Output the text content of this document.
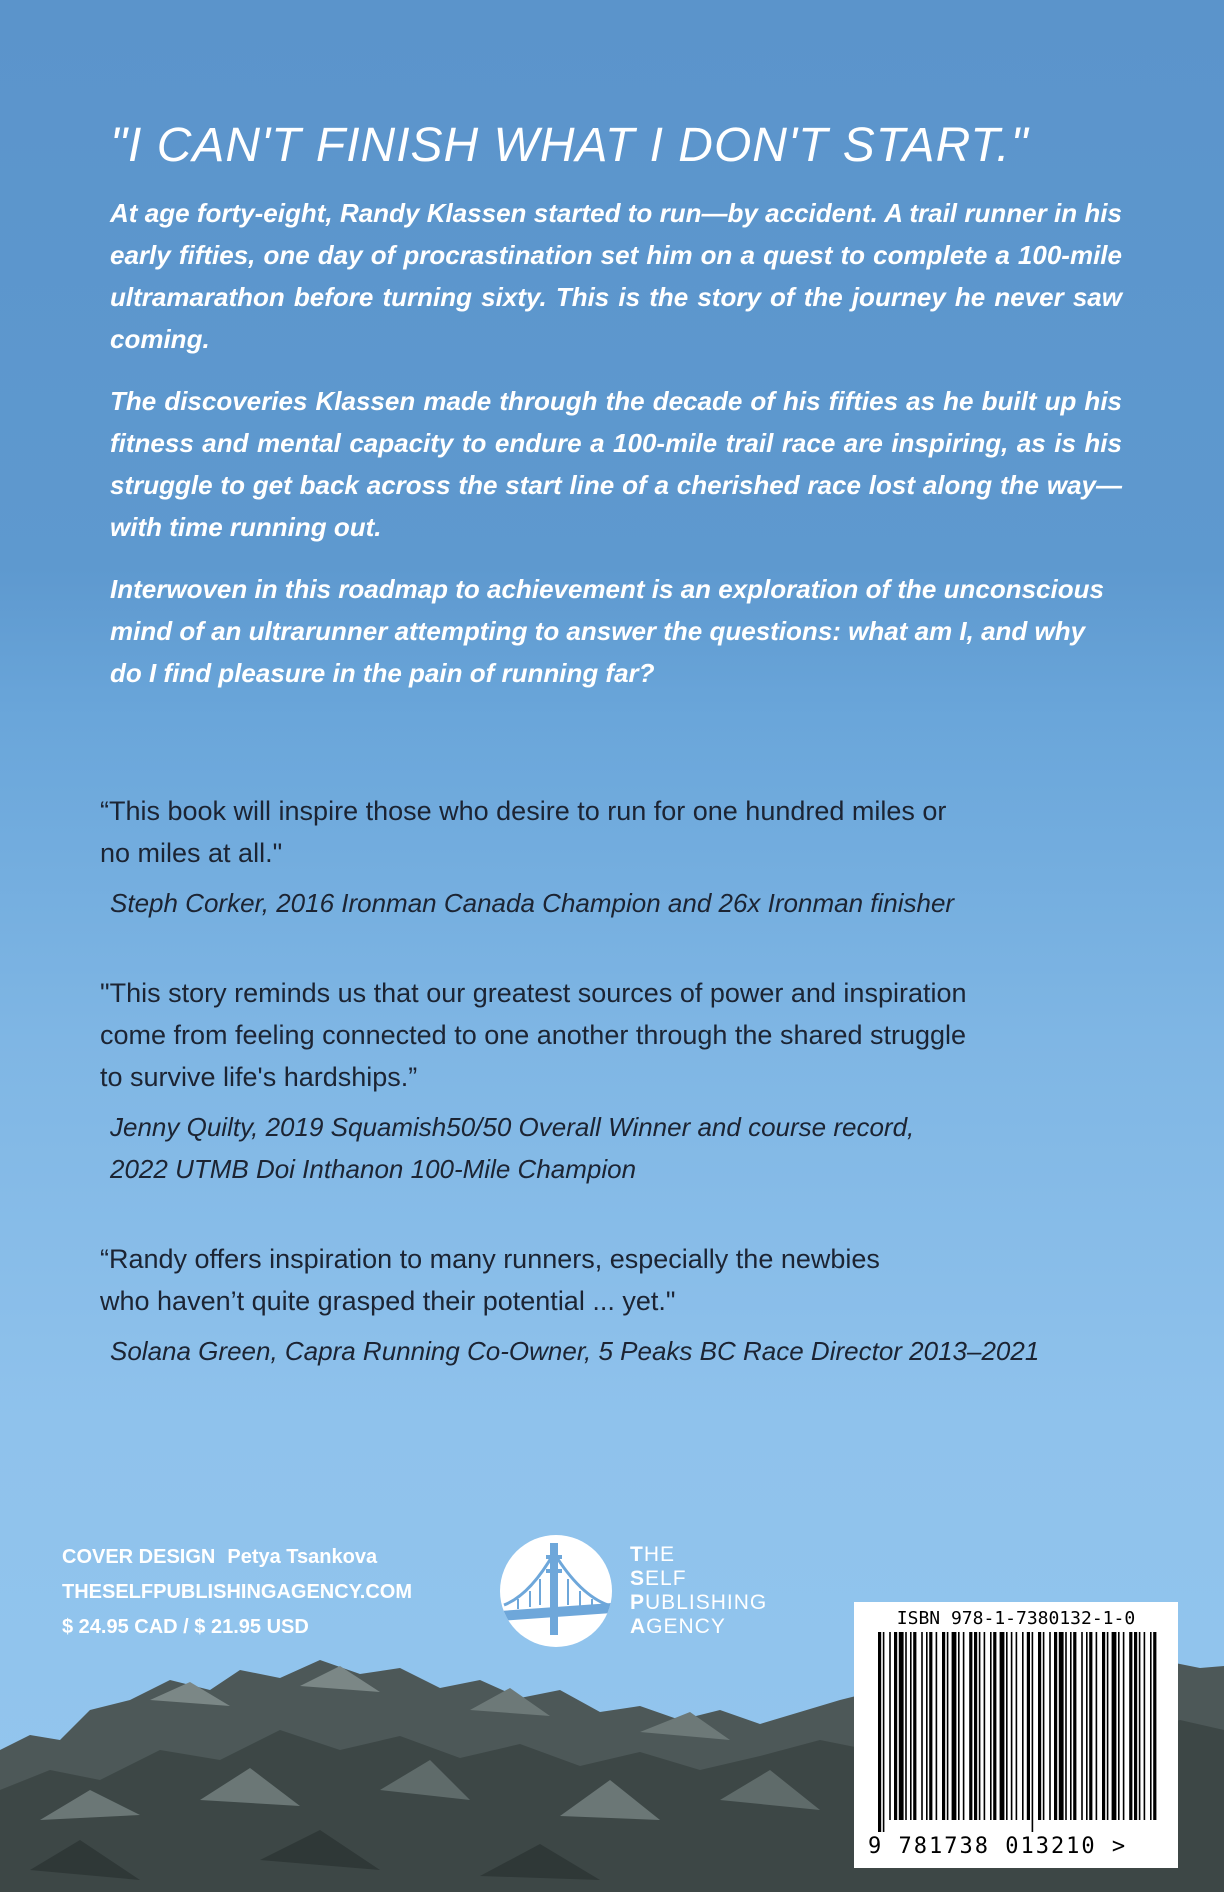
"I CAN'T FINISH WHAT I DON'T START."

At age forty-eight, Randy Klassen started to run—by accident. A trail runner in his early fifties, one day of procrastination set him on a quest to complete a 100-mile ultramarathon before turning sixty. This is the story of the journey he never saw coming.

The discoveries Klassen made through the decade of his fifties as he built up his fitness and mental capacity to endure a 100-mile trail race are inspiring, as is his struggle to get back across the start line of a cherished race lost along the way—with time running out.

Interwoven in this roadmap to achievement is an exploration of the unconscious mind of an ultrarunner attempting to answer the questions: what am I, and why do I find pleasure in the pain of running far?

“This book will inspire those who desire to run for one hundred miles or
no miles at all."

Steph Corker, 2016 Ironman Canada Champion and 26x Ironman finisher

"This story reminds us that our greatest sources of power and inspiration
come from feeling connected to one another through the shared struggle
to survive life's hardships.”

Jenny Quilty, 2019 Squamish50/50 Overall Winner and course record,
2022 UTMB Doi Inthanon 100-Mile Champion

“Randy offers inspiration to many runners, especially the newbies
who haven’t quite grasped their potential ... yet."

Solana Green, Capra Running Co-Owner, 5 Peaks BC Race Director 2013–2021

COVER DESIGN Petya Tsankova
THESELFPUBLISHINGAGENCY.COM
$ 24.95 CAD / $ 21.95 USD
THE
SELF
PUBLISHING
AGENCY	ISBN 978-1-7380132-1-0
9 781738 013210 >
